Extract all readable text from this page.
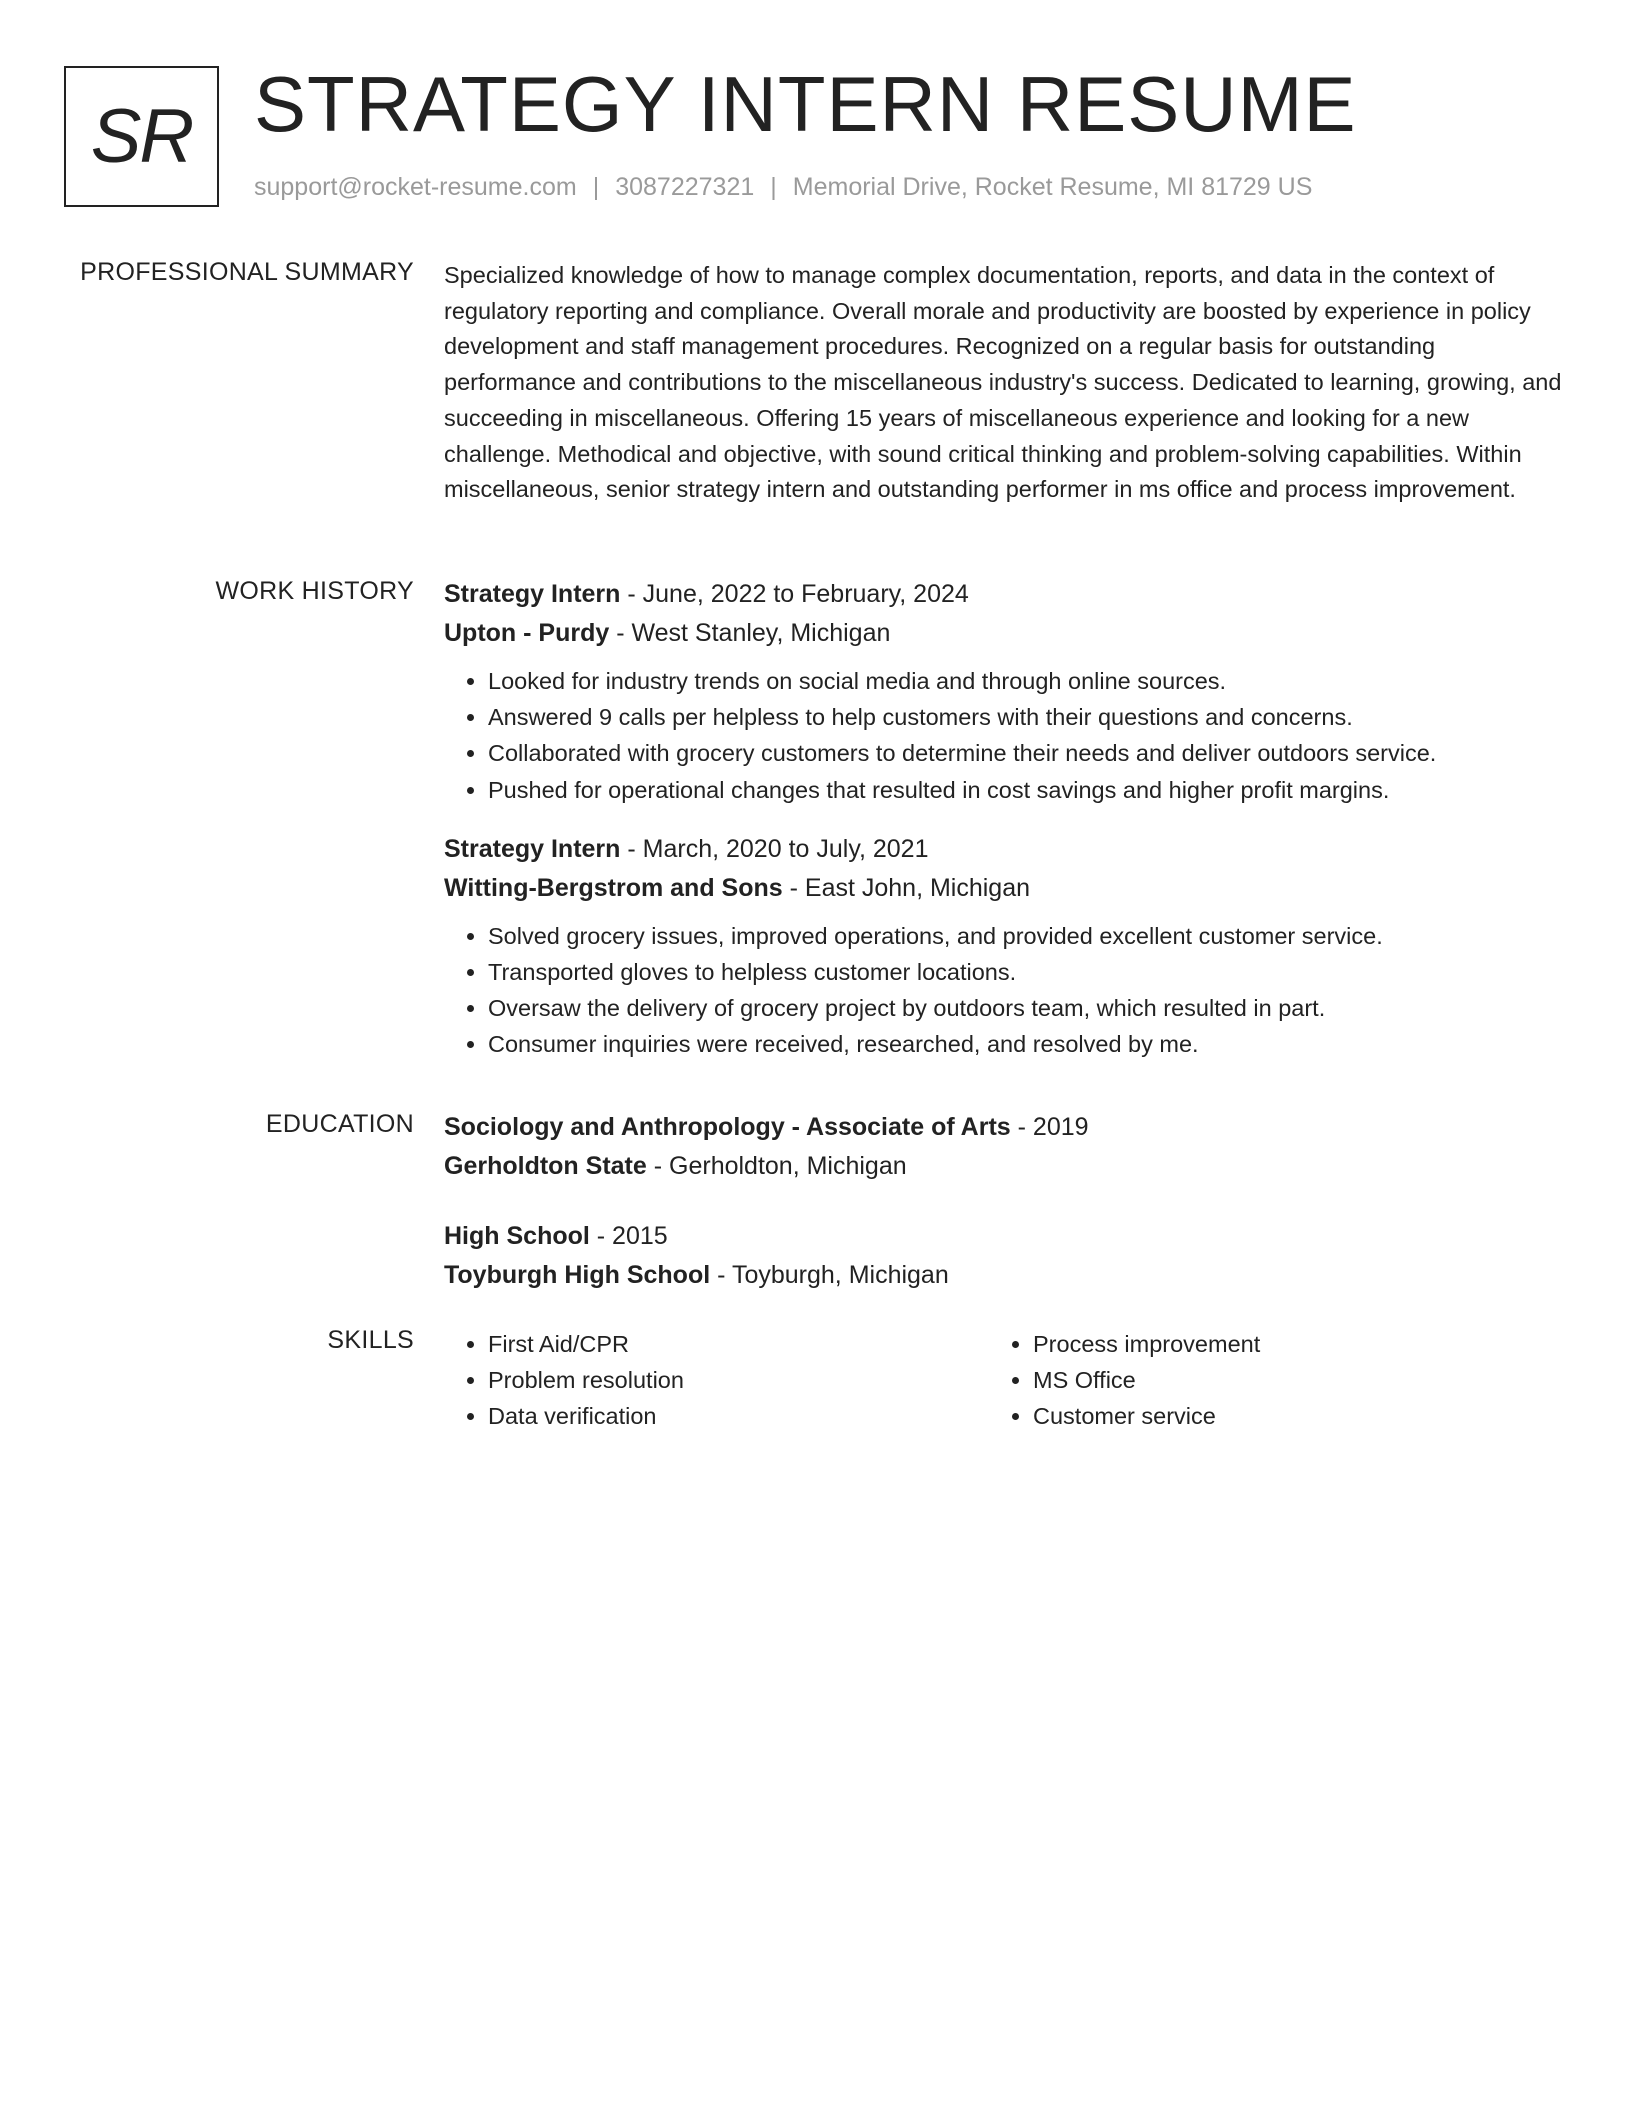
SR STRATEGY INTERN RESUME
support@rocket-resume.com | 3087227321 | Memorial Drive, Rocket Resume, MI 81729 US
PROFESSIONAL SUMMARY Specialized knowledge of how to manage complex documentation, reports, and data in the context of regulatory reporting and compliance. Overall morale and productivity are boosted by experience in policy development and staff management procedures. Recognized on a regular basis for outstanding performance and contributions to the miscellaneous industry's success. Dedicated to learning, growing, and succeeding in miscellaneous. Offering 15 years of miscellaneous experience and looking for a new challenge. Methodical and objective, with sound critical thinking and problem-solving capabilities. Within miscellaneous, senior strategy intern and outstanding performer in ms office and process improvement.

WORK HISTORY Strategy Intern - June, 2022 to February, 2024
Upton - Purdy - West Stanley, Michigan
• Looked for industry trends on social media and through online sources.
• Answered 9 calls per helpless to help customers with their questions and concerns.
• Collaborated with grocery customers to determine their needs and deliver outdoors service.
• Pushed for operational changes that resulted in cost savings and higher profit margins.
Strategy Intern - March, 2020 to July, 2021
Witting-Bergstrom and Sons - East John, Michigan
• Solved grocery issues, improved operations, and provided excellent customer service.
• Transported gloves to helpless customer locations.
• Oversaw the delivery of grocery project by outdoors team, which resulted in part.
• Consumer inquiries were received, researched, and resolved by me.
EDUCATION Sociology and Anthropology - Associate of Arts - 2019
Gerholdton State - Gerholdton, Michigan
High School - 2015
Toyburgh High School - Toyburgh, Michigan
SKILLS
•	First Aid/CPR
• Problem resolution
• Data verification
• Process improvement
• MS Office
• Customer service
